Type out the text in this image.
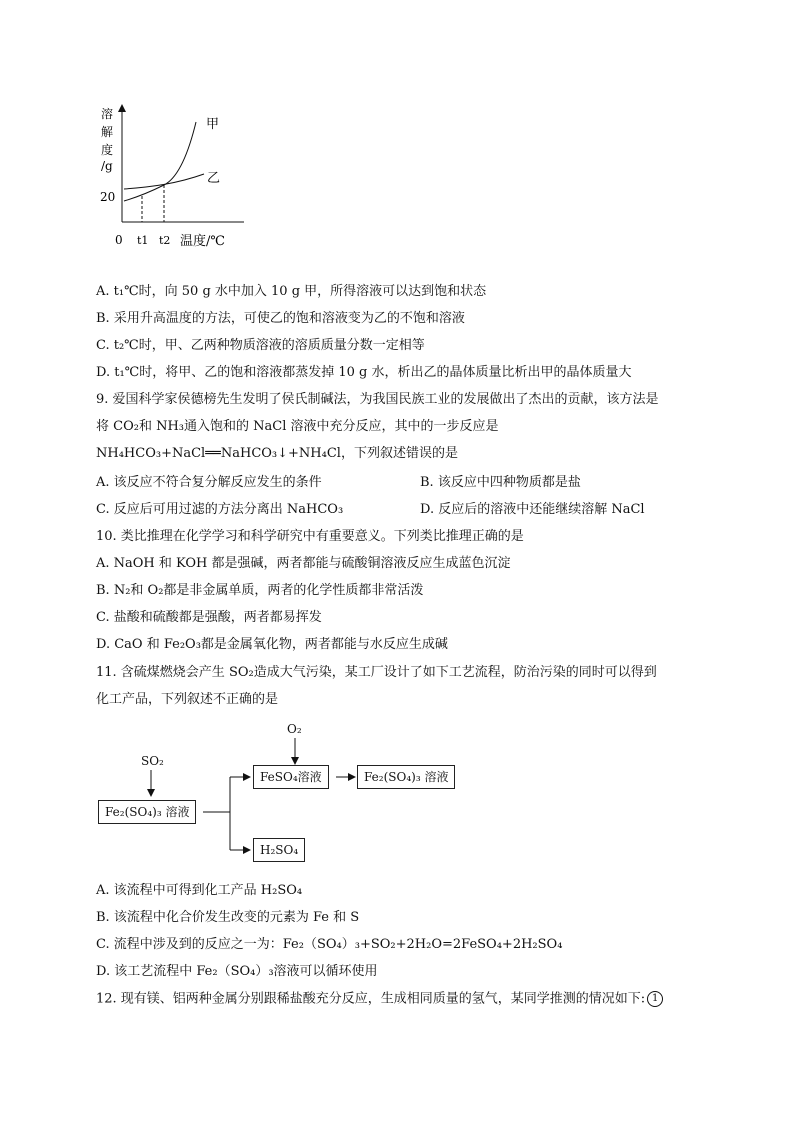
溶
解
度
/g
20
0 t1 t2 温度/℃
甲
乙
A. t₁℃时，向 50 g 水中加入 10 g 甲，所得溶液可以达到饱和状态
B. 采用升高温度的方法，可使乙的饱和溶液变为乙的不饱和溶液
C. t₂℃时，甲、乙两种物质溶液的溶质质量分数一定相等
D. t₁℃时，将甲、乙的饱和溶液都蒸发掉 10 g 水，析出乙的晶体质量比析出甲的晶体质量大
9. 爱国科学家侯德榜先生发明了侯氏制碱法，为我国民族工业的发展做出了杰出的贡献，该方法是
将 CO₂和 NH₃通入饱和的 NaCl 溶液中充分反应，其中的一步反应是
NH₄HCO₃+NaCl══NaHCO₃↓+NH₄Cl，下列叙述错误的是
A. 该反应不符合复分解反应发生的条件	B. 该反应中四种物质都是盐
C. 反应后可用过滤的方法分离出 NaHCO₃	D. 反应后的溶液中还能继续溶解 NaCl
10. 类比推理在化学学习和科学研究中有重要意义。下列类比推理正确的是
A. NaOH 和 KOH 都是强碱，两者都能与硫酸铜溶液反应生成蓝色沉淀
B. N₂和 O₂都是非金属单质，两者的化学性质都非常活泼
C. 盐酸和硫酸都是强酸，两者都易挥发
D. CaO 和 Fe₂O₃都是金属氧化物，两者都能与水反应生成碱
11. 含硫煤燃烧会产生 SO₂造成大气污染，某工厂设计了如下工艺流程，防治污染的同时可以得到
化工产品，下列叙述不正确的是
SO₂
O₂
Fe₂(SO₄)₃ 溶液
FeSO₄溶液	Fe₂(SO₄)₃ 溶液
H₂SO₄
A. 该流程中可得到化工产品 H₂SO₄
B. 该流程中化合价发生改变的元素为 Fe 和 S
C. 流程中涉及到的反应之一为：Fe₂（SO₄）₃+SO₂+2H₂O=2FeSO₄+2H₂SO₄
D. 该工艺流程中 Fe₂（SO₄）₃溶液可以循环使用
12. 现有镁、铝两种金属分别跟稀盐酸充分反应，生成相同质量的氢气，某同学推测的情况如下: 1
